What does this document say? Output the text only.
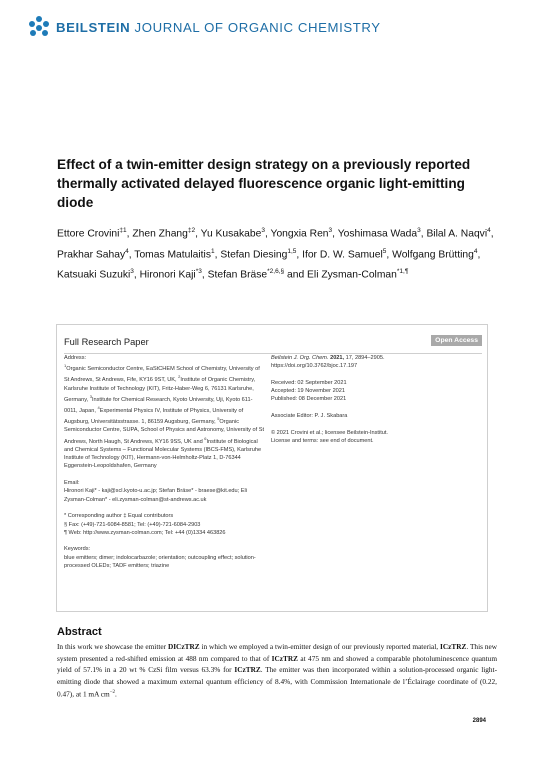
BEILSTEIN JOURNAL OF ORGANIC CHEMISTRY
Effect of a twin-emitter design strategy on a previously reported thermally activated delayed fluorescence organic light-emitting diode
Ettore Crovini$^{\ddagger 1}$, Zhen Zhang$^{\ddagger 2}$, Yu Kusakabe$^3$, Yongxia Ren$^3$, Yoshimasa Wada$^3$, Bilal A. Naqvi$^4$, Prakhar Sahay$^4$, Tomas Matulaitis$^1$, Stefan Diesing$^{1,5}$, Ifor D. W. Samuel$^5$, Wolfgang Brütting$^4$, Katsuaki Suzuki$^3$, Hironori Kaji$^{*3}$, Stefan Bräse$^{*2,6,\S}$ and Eli Zysman-Colman$^{*1,\P}$
Full Research Paper	Open Access

Address:

$^1$Organic Semiconductor Centre, EaStCHEM School of Chemistry, University of St Andrews, St Andrews, Fife, KY16 9ST, UK, $^2$Institute of Organic Chemistry, Karlsruhe Institute of Technology (KIT), Fritz-Haber-Weg 6, 76131 Karlsruhe, Germany, $^3$Institute for Chemical Research, Kyoto University, Uji, Kyoto 611-0011, Japan, $^4$Experimental Physics IV, Institute of Physics, University of Augsburg, Universitätsstrasse. 1, 86159 Augsburg, Germany, $^5$Organic Semiconductor Centre, SUPA, School of Physics and Astronomy, University of St Andrews, North Haugh, St Andrews, KY16 9SS, UK and $^6$Institute of Biological and Chemical Systems – Functional Molecular Systems (IBCS-FMS), Karlsruhe Institute of Technology (KIT), Hermann-von-Helmholtz-Platz 1, D-76344 Eggenstein-Leopoldshafen, Germany

Email:

Hironori Kaji* - kaji@scl.kyoto-u.ac.jp; Stefan Bräse* - braese@kit.edu; Eli Zysman-Colman* - eli.zysman-colman@st-andrews.ac.uk

* Corresponding author ‡ Equal contributors

§ Fax: (+49)-721-6084-8581; Tel: (+49)-721-6084-2903

¶ Web: http://www.zysman-colman.com; Tel: +44 (0)1334 463826

Keywords:

blue emitters; dimer; indolocarbazole; orientation; outcoupling effect; solution-processed OLEDs; TADF emitters; triazine

Beilstein J. Org. Chem. 2021, 17, 2894–2905.

https://doi.org/10.3762/bjoc.17.197

Received: 02 September 2021

Accepted: 19 November 2021

Published: 08 December 2021

Associate Editor: P. J. Skabara

© 2021 Crovini et al.; licensee Beilstein-Institut.

License and terms: see end of document.

Abstract

In this work we showcase the emitter DICzTRZ in which we employed a twin-emitter design of our previously reported material, ICzTRZ. This new system presented a red-shifted emission at 488 nm compared to that of ICzTRZ at 475 nm and showed a comparable photoluminescence quantum yield of 57.1% in a 20 wt % CzSi film versus 63.3% for ICzTRZ. The emitter was then incorporated within a solution-processed organic light-emitting diode that showed a maximum external quantum efficiency of 8.4%, with Commission Internationale de l’Éclairage coordinate of (0.22, 0.47), at 1 mA $cm^{-2}$.

2894
